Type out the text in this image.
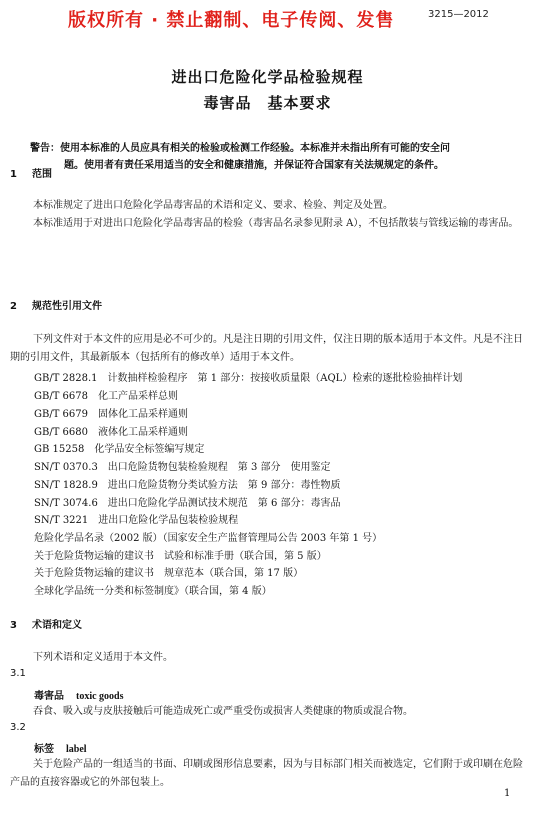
版权所有 · 禁止翻制、电子传阅、发售	3215—2012
进出口危险化学品检验规程
毒害品　基本要求
警告：使用本标准的人员应具有相关的检验或检测工作经验。本标准并未指出所有可能的安全问
题。使用者有责任采用适当的安全和健康措施，并保证符合国家有关法规规定的条件。
1 范围
本标准规定了进出口危险化学品毒害品的术语和定义、要求、检验、判定及处置。
本标准适用于对进出口危险化学品毒害品的检验（毒害品名录参见附录 A），不包括散装与管线运输的毒害品。
2 规范性引用文件
下列文件对于本文件的应用是必不可少的。凡是注日期的引用文件，仅注日期的版本适用于本文件。凡是不注日期的引用文件，其最新版本（包括所有的修改单）适用于本文件。
GB/T 2828.1　计数抽样检验程序　第 1 部分：按接收质量限（AQL）检索的逐批检验抽样计划
GB/T 6678　化工产品采样总则
GB/T 6679　固体化工品采样通则
GB/T 6680　液体化工品采样通则
GB 15258　化学品安全标签编写规定
SN/T 0370.3　出口危险货物包装检验规程　第 3 部分　使用鉴定
SN/T 1828.9　进出口危险货物分类试验方法　第 9 部分：毒性物质
SN/T 3074.6　进出口危险化学品测试技术规范　第 6 部分：毒害品
SN/T 3221　进出口危险化学品包装检验规程
危险化学品名录（2002 版）（国家安全生产监督管理局公告 2003 年第 1 号）
关于危险货物运输的建议书　试验和标准手册（联合国，第 5 版）
关于危险货物运输的建议书　规章范本（联合国，第 17 版）
全球化学品统一分类和标签制度》（联合国，第 4 版）
3 术语和定义
下列术语和定义适用于本文件。
3.1
毒害品 toxic goods
吞食、吸入或与皮肤接触后可能造成死亡或严重受伤或损害人类健康的物质或混合物。
3.2
标签 label
关于危险产品的一组适当的书面、印刷或图形信息要素，因为与目标部门相关而被选定，它们附于或印刷在危险产品的直接容器或它的外部包装上。
1
